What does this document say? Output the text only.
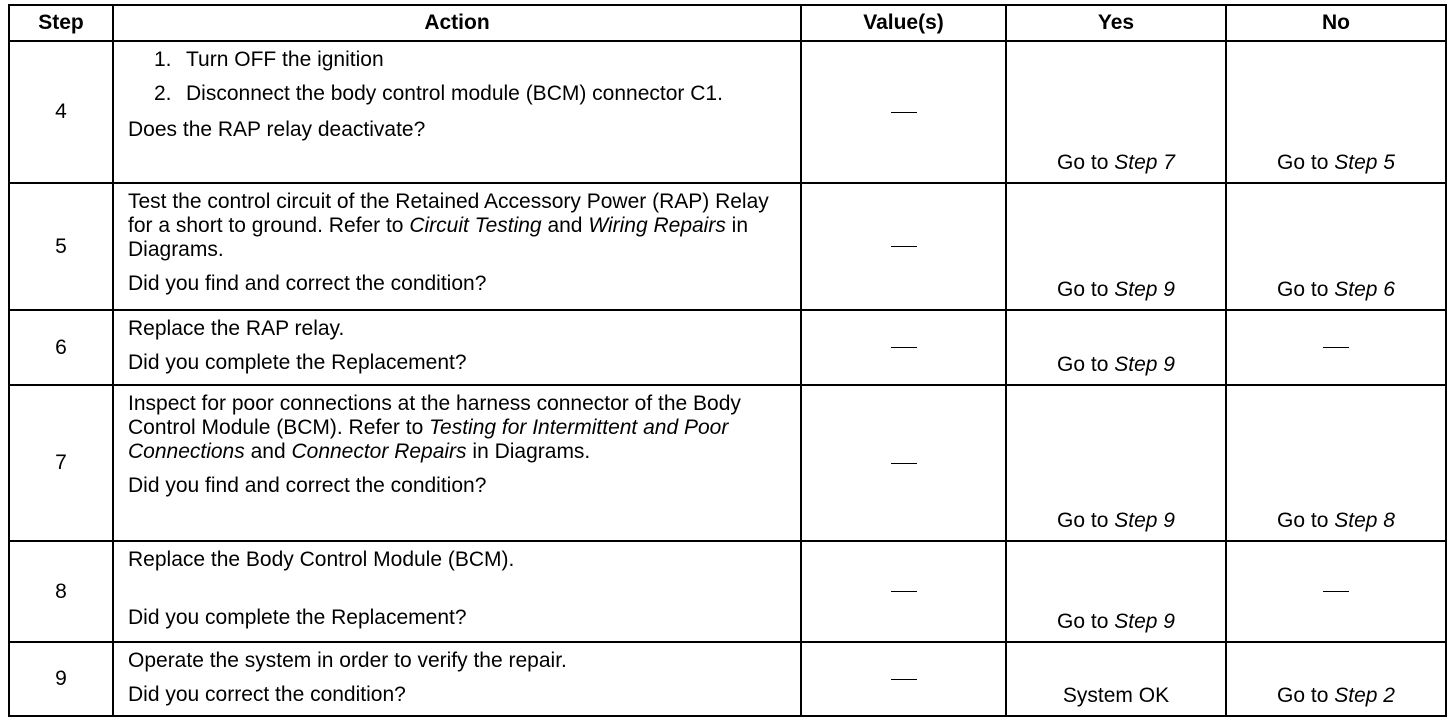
Step	Action	Value(s)	Yes	No
4	1. Turn OFF the ignition
2. Disconnect the body control module (BCM) connector C1.

Does the RAP relay deactivate?		Go to Step 7	Go to Step 5
5	Test the control circuit of the Retained Accessory Power (RAP) Relay for a short to ground. Refer to Circuit Testing and Wiring Repairs in Diagrams.

Did you find and correct the condition?		Go to Step 9	Go to Step 6
6	Replace the RAP relay.

Did you complete the Replacement?		Go to Step 9	
7	Inspect for poor connections at the harness connector of the Body Control Module (BCM). Refer to Testing for Intermittent and Poor Connections and Connector Repairs in Diagrams.

Did you find and correct the condition?		Go to Step 9	Go to Step 8
8	Replace the Body Control Module (BCM).

Did you complete the Replacement?		Go to Step 9	
9	Operate the system in order to verify the repair.

Did you correct the condition?		System OK	Go to Step 2
